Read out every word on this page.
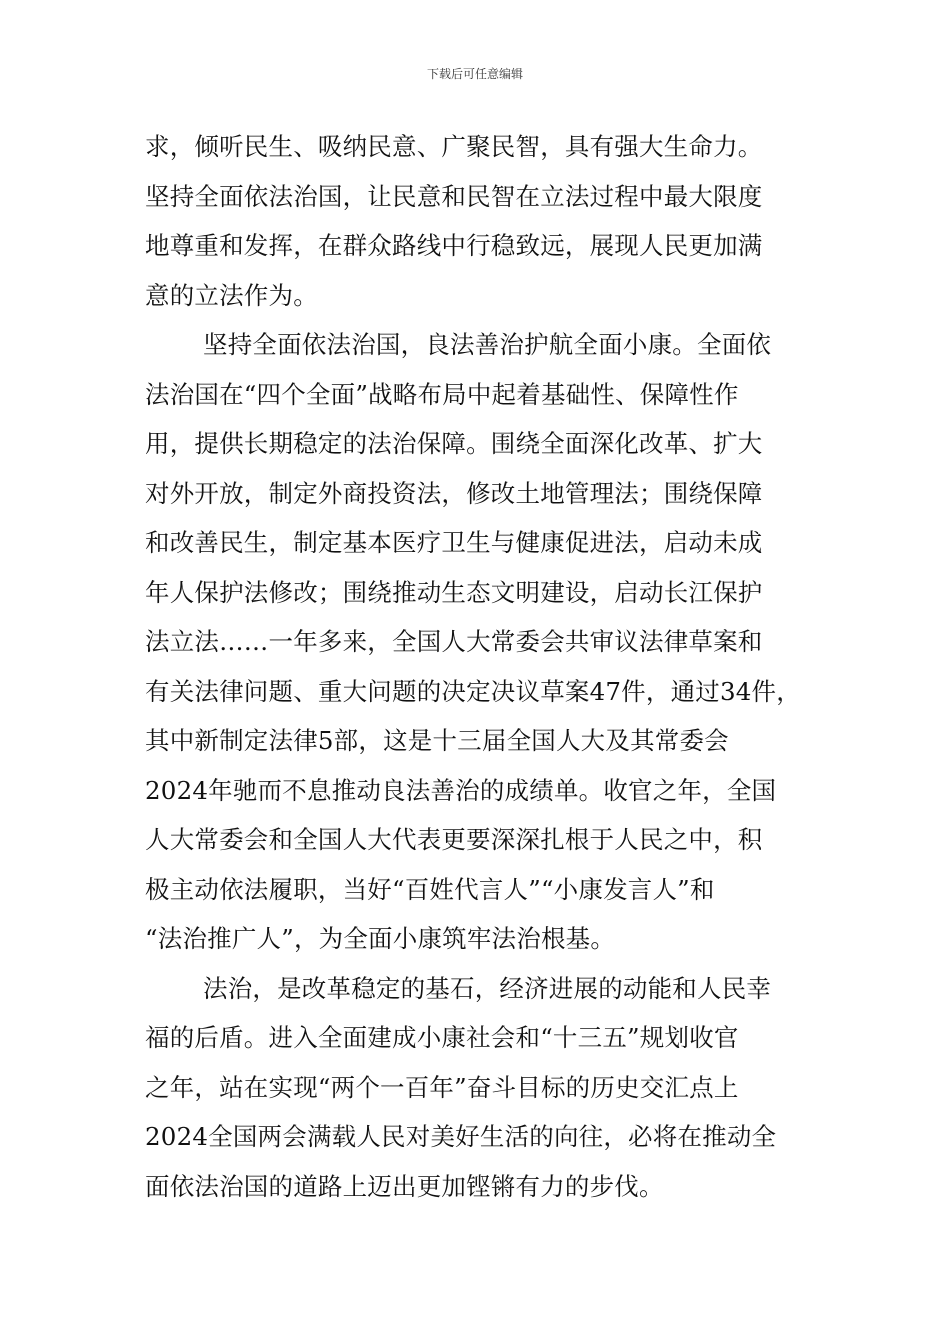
下载后可任意编辑

求，倾听民生、吸纳民意、广聚民智，具有强大生命力。
坚持全面依法治国，让民意和民智在立法过程中最大限度
地尊重和发挥，在群众路线中行稳致远，展现人民更加满
意的立法作为。

坚持全面依法治国，良法善治护航全面小康。全面依
法治国在“四个全面”战略布局中起着基础性、保障性作
用，提供长期稳定的法治保障。围绕全面深化改革、扩大
对外开放，制定外商投资法，修改土地管理法；围绕保障
和改善民生，制定基本医疗卫生与健康促进法，启动未成
年人保护法修改；围绕推动生态文明建设，启动长江保护
法立法……一年多来，全国人大常委会共审议法律草案和
有关法律问题、重大问题的决定决议草案47件，通过34件，
其中新制定法律5部，这是十三届全国人大及其常委会
2024年驰而不息推动良法善治的成绩单。收官之年，全国
人大常委会和全国人大代表更要深深扎根于人民之中，积
极主动依法履职，当好“百姓代言人”“小康发言人”和
“法治推广人”，为全面小康筑牢法治根基。

法治，是改革稳定的基石，经济进展的动能和人民幸
福的后盾。进入全面建成小康社会和“十三五”规划收官
之年，站在实现“两个一百年”奋斗目标的历史交汇点上
2024全国两会满载人民对美好生活的向往，必将在推动全
面依法治国的道路上迈出更加铿锵有力的步伐。
